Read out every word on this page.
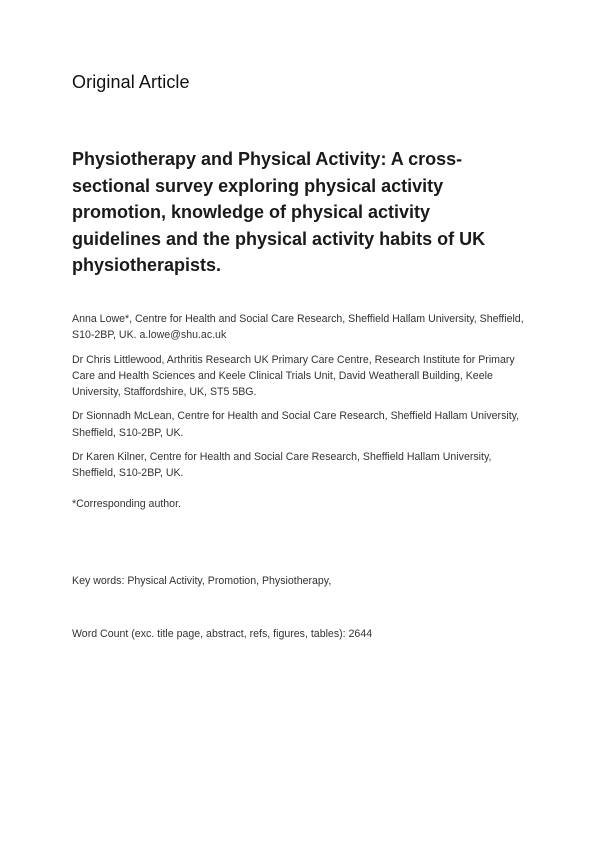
Original Article
Physiotherapy and Physical Activity: A cross-sectional survey exploring physical activity promotion, knowledge of physical activity guidelines and the physical activity habits of UK physiotherapists.
Anna Lowe*, Centre for Health and Social Care Research, Sheffield Hallam University, Sheffield, S10-2BP, UK. a.lowe@shu.ac.uk
Dr Chris Littlewood, Arthritis Research UK Primary Care Centre, Research Institute for Primary Care and Health Sciences and Keele Clinical Trials Unit, David Weatherall Building, Keele University, Staffordshire, UK, ST5 5BG.
Dr Sionnadh McLean, Centre for Health and Social Care Research, Sheffield Hallam University, Sheffield, S10-2BP, UK.
Dr Karen Kilner, Centre for Health and Social Care Research, Sheffield Hallam University, Sheffield, S10-2BP, UK.

*Corresponding author.

Key words: Physical Activity, Promotion, Physiotherapy,

Word Count (exc. title page, abstract, refs, figures, tables): 2644
